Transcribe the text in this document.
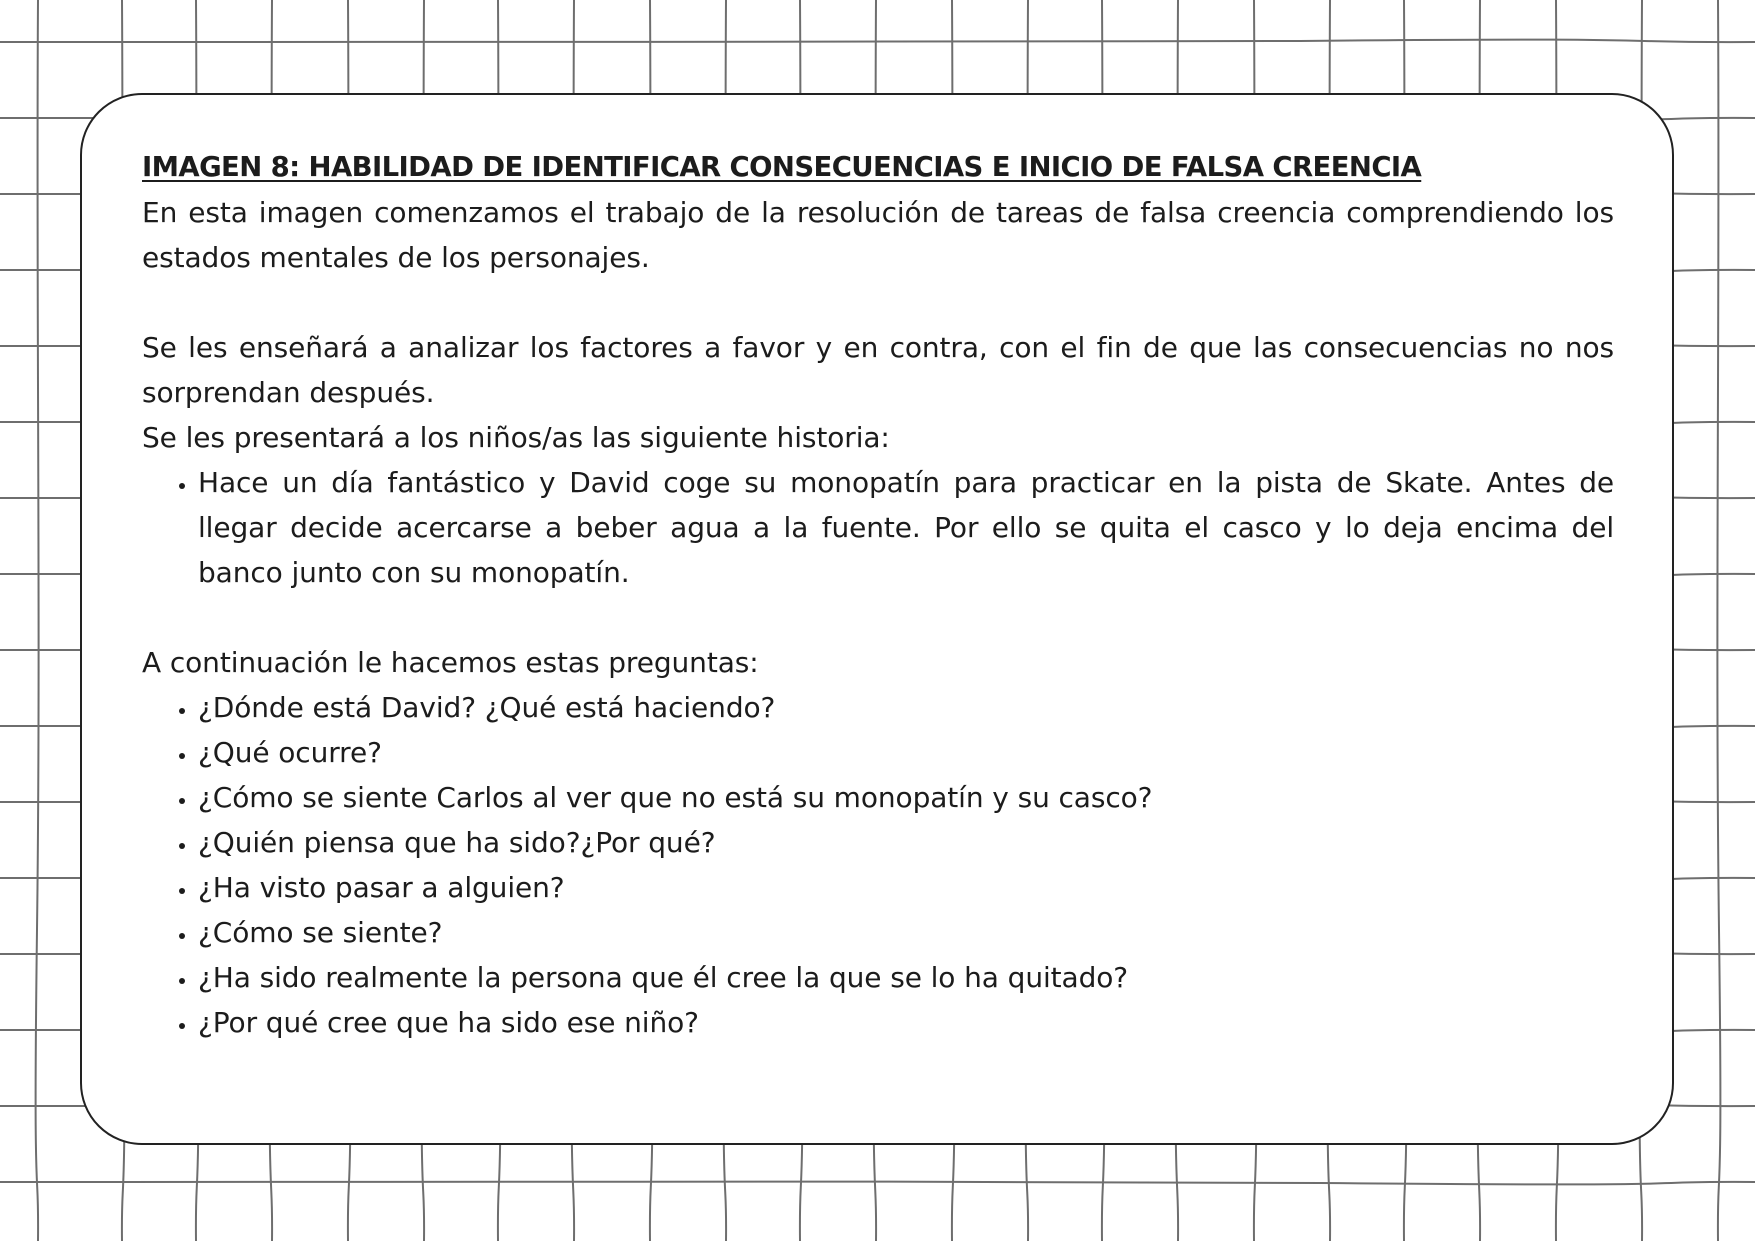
IMAGEN 8: HABILIDAD DE IDENTIFICAR CONSECUENCIAS E INICIO DE FALSA CREENCIA

En esta imagen comenzamos el trabajo de la resolución de tareas de falsa creencia comprendiendo los estados mentales de los personajes.

Se les enseñará a analizar los factores a favor y en contra, con el fin de que las consecuencias no nos sorprendan después.

Se les presentará a los niños/as las siguiente historia:

• Hace un día fantástico y David coge su monopatín para practicar en la pista de Skate. Antes de llegar decide acercarse a beber agua a la fuente. Por ello se quita el casco y lo deja encima del banco junto con su monopatín.

A continuación le hacemos estas preguntas:

• ¿Dónde está David? ¿Qué está haciendo?
• ¿Qué ocurre?
• ¿Cómo se siente Carlos al ver que no está su monopatín y su casco?
• ¿Quién piensa que ha sido?¿Por qué?
• ¿Ha visto pasar a alguien?
• ¿Cómo se siente?
• ¿Ha sido realmente la persona que él cree la que se lo ha quitado?
• ¿Por qué cree que ha sido ese niño?
